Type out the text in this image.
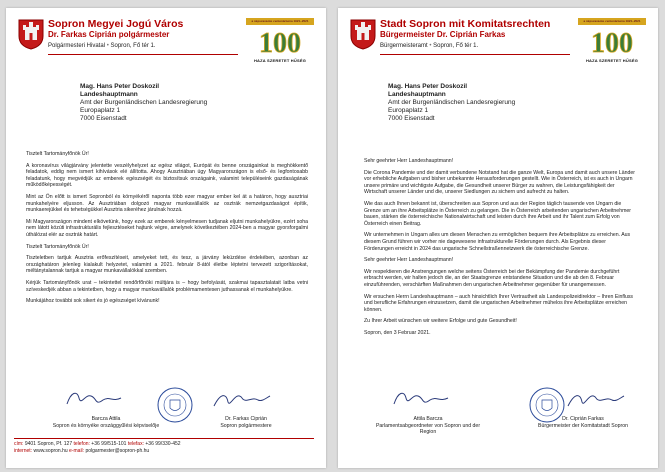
Sopron Megyei Jogú Város
Dr. Farkas Ciprián polgármester
Polgármesteri Hivatal • Sopron, Fő tér 1.
a népszavazás centenáriuma 1921–2021
100
HAZA SZERETET HŰSÉG
Mag. Hans Peter Doskozil
Landeshauptmann
Amt der Burgenländischen Landesregierung
Europaplatz 1
7000 Eisenstadt

Tisztelt Tartományfőnök Úr!

A koronavírus világjárvány jelentette veszélyhelyzet az egész világot, Európát és benne országainkat is meghökkentő feladatok, eddig nem ismert kihívások elé állította. Ahogy Ausztriában úgy Magyarországon is első- és legfontosabb feladatunk, hogy megvédjük az emberek egészségét és biztosítsuk országaink, valamint településeink gazdaságának működőképességét.

Mint az Ön előtt is ismert Sopronból és környékéről naponta több ezer magyar ember kel át a határon, hogy ausztriai munkahelyére eljusson. Az Ausztriában dolgozó magyar munkavállalók az osztrák nemzetgazdaságot építik, munkaerejükkel és tehetségükkel Ausztria sikeréhez járulnak hozzá.

Mi Magyarországon mindent elkövetünk, hogy ezek az emberek kényelmesen tudjanak eljutni munkahelyükre, ezért soha nem látott közúti infrastrukturális fejlesztéseket hajtunk végre, amelynek következtében 2024-ben a magyar gyorsforgalmi úthálózat elér az osztrák határt.

Tisztelt Tartományfőnök Úr!

Tiszteletben tartjuk Ausztria erőfeszítéseit, amelyeket tett, és tesz, a járvány leküzdése érdekében, azonban az országhatáron jelenleg kialakult helyzetet, valamint a 2021. február 8-ától életbe léptetni tervezett szigorításokat, méltánytalannak tartjuk a magyar munkavállalókkal szemben.

Kérjük Tartományfőnök urat – tekintettel rendőrfőnöki múltjára is – hogy befolyását, szakmai tapasztalatait latba vetni szíveskedjék abban a tekintetben, hogy a magyar munkavállalók problémamentesen juthassanak el munkahelyükre.

Munkájához további sok sikert és jó egészséget kívánunk!

Barcza Attila
Sopron és környéke országgyűlési képviselője
Dr. Farkas Ciprián
Sopron polgármestere
cím: 9401 Sopron, Pf. 127 telefon: +36 99/515-101 telefax: +36 99/330-452
internet: www.sopron.hu e-mail: polgarmester@sopron-ph.hu
Stadt Sopron mit Komitatsrechten
Bürgermeister Dr. Ciprián Farkas
Bürgermeisteramt • Sopron, Fő tér 1.
a népszavazás centenáriuma 1921–2021
100
HAZA SZERETET HŰSÉG
Mag. Hans Peter Doskozil
Landeshauptmann
Amt der Burgenländischen Landesregierung
Europaplatz 1
7000 Eisenstadt

Sehr geehrter Herr Landeshauptmann!

Die Corona Pandemie und der damit verbundene Notstand hat die ganze Welt, Europa und damit auch unsere Länder vor erhebliche Aufgaben und bisher unbekannte Herausforderungen gestellt. Wie in Österreich, ist es auch in Ungarn unsere primäre und wichtigste Aufgabe, die Gesundheit unserer Bürger zu wahren, die Leistungsfähigkeit der Wirtschaft unserer Länder und die, unserer Siedlungen zu sichern und aufrecht zu halten.

Wie das auch Ihnen bekannt ist, überschreiten aus Sopron und aus der Region täglich tausende von Ungarn die Grenze um an ihre Arbeitsplätze in Österreich zu gelangen. Die in Österreich arbeitenden ungarischen Arbeitnehmer bauen, stärken die österreichische Nationalwirtschaft und leisten durch ihre Arbeit und ihr Talent zum Erfolg von Österreich einen Beitrag.

Wir unternehmen in Ungarn alles um diesen Menschen zu ermöglichen bequem ihre Arbeitsplätze zu erreichen. Aus diesem Grund führen wir vorher nie dagewesene infrastrukturelle Förderungen durch. Als Ergebnis dieser Förderungen erreicht in 2024 das ungarische Schnellstraßennetzwerk die österreichische Grenze.

Sehr geehrter Herr Landeshauptmann!

Wir respektieren die Anstrengungen welche seitens Österreich bei der Bekämpfung der Pandemie durchgeführt erbracht werden, wir halten jedoch die, an der Staatsgrenze entstandene Situation und die ab den 8. Februar einzuführenden, verschärften Maßnahmen den ungarischen Arbeitnehmer gegenüber für unangemessen.

Wir ersuchen Herrn Landeshauptmann – auch hinsichtlich Ihrer Vertrautheit als Landespolizeidirektor – Ihren Einfluss und berufliche Erfahrungen einzusetzen, damit die ungarischen Arbeitnehmer mühelos ihre Arbeitsplätze erreichen können.

Zu Ihrer Arbeit wünschen wir weitere Erfolge und gute Gesundheit!

Sopron, den 3 Februar 2021.

Attila Barcza
Parlamentsabgeordneter von Sopron und der Region
Dr. Ciprián Farkas
Bürgermeister der Komitatstadt Sopron
